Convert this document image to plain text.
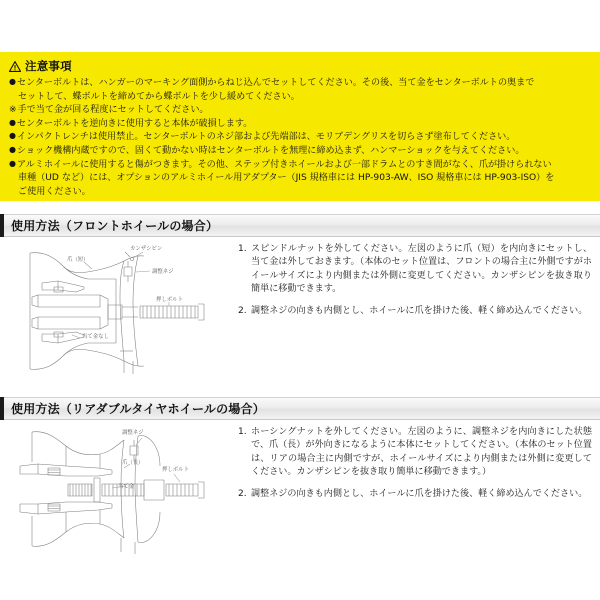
注意事項
● センターボルトは、ハンガーのマーキング面側からねじ込んでセットしてください。その後、当て金をセンターボルトの奥まで
セットして、蝶ボルトを締めてから蝶ボルトを少し緩めてください。
※ 手で当て金が回る程度にセットしてください。
● センターボルトを逆向きに使用すると本体が破損します。
● インパクトレンチは使用禁止。センターボルトのネジ部および先端部は、モリブデングリスを切らさず塗布してください。
● ショック機構内蔵ですので、固くて動かない時はセンターボルトを無理に締め込まず、ハンマーショックを与えてください。
● アルミホイールに使用すると傷がつきます。その他、ステップ付きホイールおよび一部ドラムとのすき間がなく、爪が掛けられない
車種（UD など）には、オプションのアルミホイール用アダプター（JIS 規格車には HP-903-AW、ISO 規格車には HP-903-ISO）を
ご使用ください。
使用方法（フロントホイールの場合）
爪（短）
カンザシピン
調整ネジ
押しボルト
当て金なし
1. スピンドルナットを外してください。左図のように爪（短）を内向きにセットし、当て金は外しておきます。（本体のセット位置は、フロントの場合主に外側ですがホイールサイズにより内側または外側に変更してください。カンザシピンを抜き取り簡単に移動できます。
2. 調整ネジの向きも内側とし、ホイールに爪を掛けた後、軽く締め込んでください。
使用方法（リアダブルタイヤホイールの場合）
調整ネジ
爪（長）
押しボルト
当て金
1. ホーシングナットを外してください。左図のように、調整ネジを内向きにした状態で、爪（長）が外向きになるように本体にセットしてください。（本体のセット位置は、リアの場合主に内側ですが、ホイールサイズにより内側または外側に変更してください。カンザシピンを抜き取り簡単に移動できます。）
2. 調整ネジの向きも内側とし、ホイールに爪を掛けた後、軽く締め込んでください。
